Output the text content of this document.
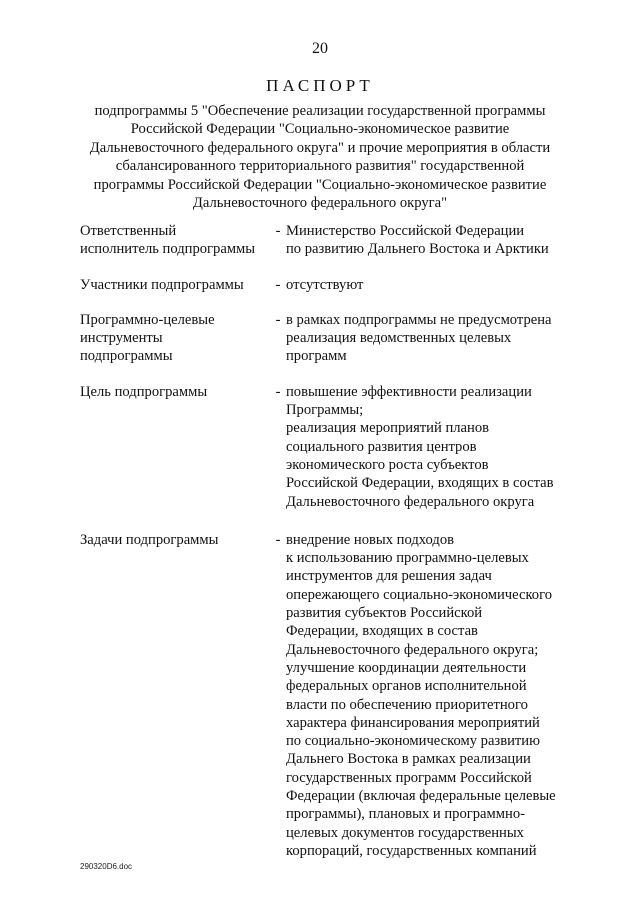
20
ПАСПОРТ
подпрограммы 5 "Обеспечение реализации государственной программы
Российской Федерации "Социально-экономическое развитие
Дальневосточного федерального округа" и прочие мероприятия в области
сбалансированного территориального развития" государственной
программы Российской Федерации "Социально-экономическое развитие
Дальневосточного федерального округа"
Ответственный
исполнитель подпрограммы
- Министерство Российской Федерации
по развитию Дальнего Востока и Арктики
Участники подпрограммы	- отсутствуют
Программно-целевые
инструменты
подпрограммы
- в рамках подпрограммы не предусмотрена
реализация ведомственных целевых
программ
Цель подпрограммы	- повышение эффективности реализации
Программы;
реализация мероприятий планов
социального развития центров
экономического роста субъектов
Российской Федерации, входящих в состав
Дальневосточного федерального округа
Задачи подпрограммы	- внедрение новых подходов
к использованию программно-целевых
инструментов для решения задач
опережающего социально-экономического
развития субъектов Российской
Федерации, входящих в состав
Дальневосточного федерального округа;
улучшение координации деятельности
федеральных органов исполнительной
власти по обеспечению приоритетного
характера финансирования мероприятий
по социально-экономическому развитию
Дальнего Востока в рамках реализации
государственных программ Российской
Федерации (включая федеральные целевые
программы), плановых и программно-
целевых документов государственных
корпораций, государственных компаний
290320D6.doc
